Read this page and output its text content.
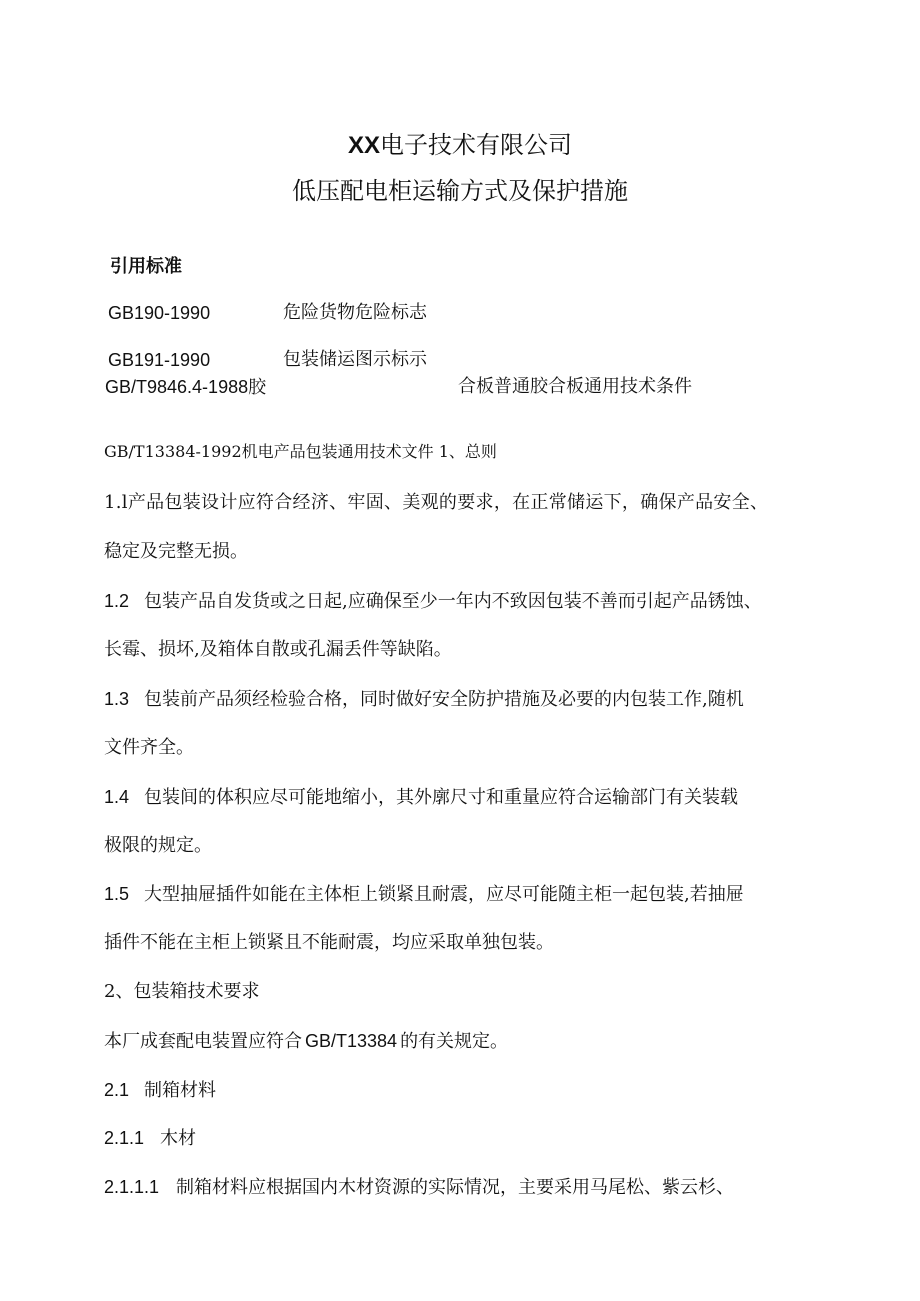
XX电子技术有限公司
低压配电柜运输方式及保护措施
引用标准
GB190-1990	危险货物危险标志
GB191-1990	包装储运图示标示
GB/T9846.4-1988胶	合板普通胶合板通用技术条件
GB/T13384-1992机电产品包装通用技术文件 1、总则
1.l产品包装设计应符合经济、牢固、美观的要求，在正常储运下，确保产品安全、
稳定及完整无损。
1.2 包装产品自发货或之日起,应确保至少一年内不致因包装不善而引起产品锈蚀、
长霉、损坏,及箱体自散或孔漏丢件等缺陷。
1.3 包装前产品须经检验合格，同时做好安全防护措施及必要的内包装工作,随机
文件齐全。
1.4 包装间的体积应尽可能地缩小，其外廓尺寸和重量应符合运输部门有关装载
极限的规定。
1.5 大型抽屉插件如能在主体柜上锁紧且耐震，应尽可能随主柜一起包装,若抽屉
插件不能在主柜上锁紧且不能耐震，均应采取单独包装。
2、包装箱技术要求
本厂成套配电装置应符合 GB/T13384 的有关规定。
2.1 制箱材料
2.1.1 木材
2.1.1.1 制箱材料应根据国内木材资源的实际情况，主要采用马尾松、紫云杉、
